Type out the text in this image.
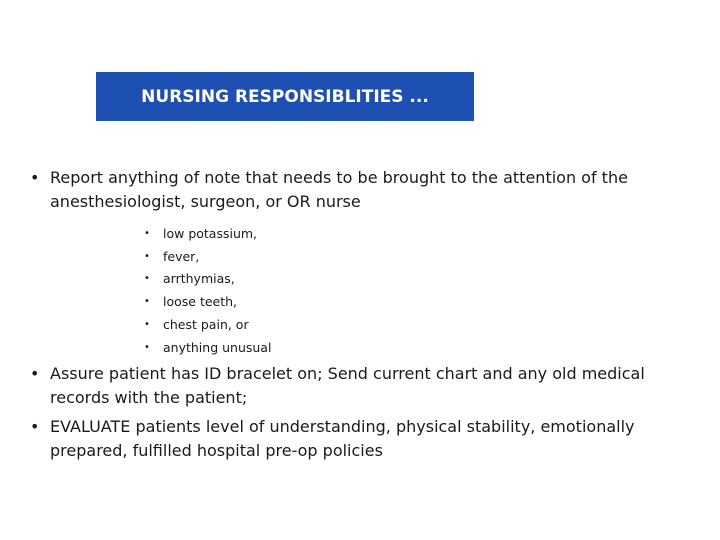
NURSING RESPONSIBLITIES ...
• Report anything of note that needs to be brought to the attention of the anesthesiologist, surgeon, or OR nurse
•	low potassium,
•	fever,
•	arrthymias,
•	loose teeth,
•	chest pain, or
•	anything unusual
• Assure patient has ID bracelet on; Send current chart and any old medical records with the patient;
• EVALUATE patients level of understanding, physical stability, emotionally prepared, fulfilled hospital pre-op policies
